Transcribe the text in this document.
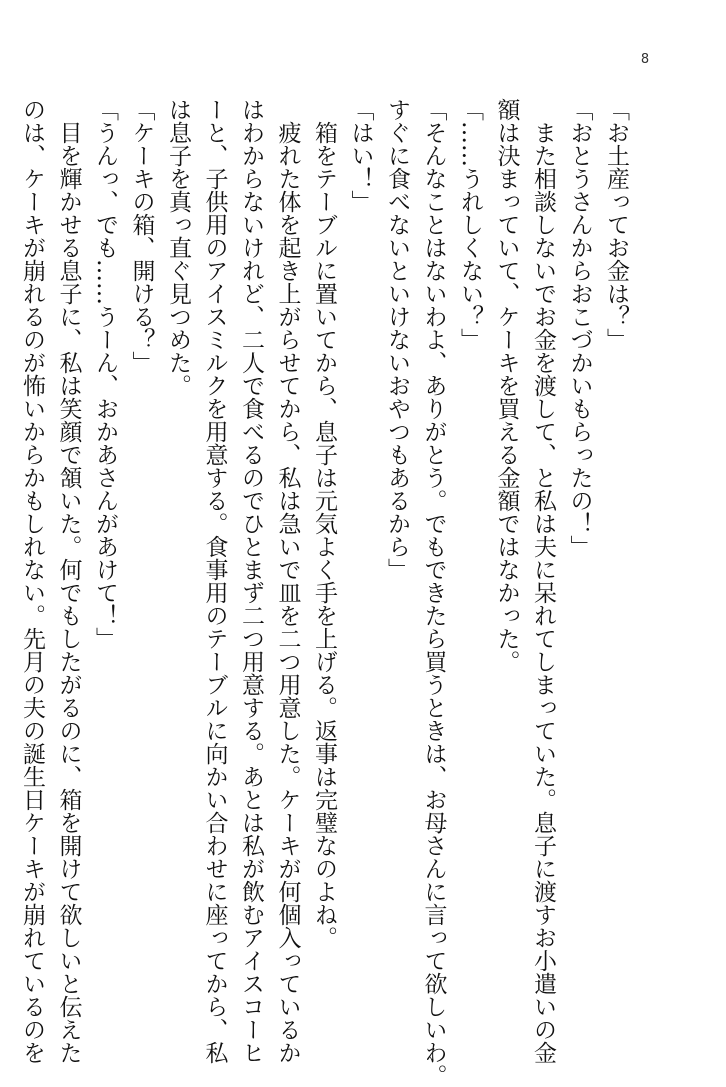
8
「お土産ってお金は？」
「おとうさんからおこづかいもらったの！」
　また相談しないでお金を渡して、と私は夫に呆れてしまっていた。息子に渡すお小遣いの金
額は決まっていて、ケーキを買える金額ではなかった。
「……うれしくない？」
「そんなことはないわよ、ありがとう。でもできたら買うときは、お母さんに言って欲しいわ。
すぐに食べないといけないおやつもあるから」
「はい！」
　箱をテーブルに置いてから、息子は元気よく手を上げる。返事は完璧なのよね。
　疲れた体を起き上がらせてから、私は急いで皿を二つ用意した。ケーキが何個入っているか
はわからないけれど、二人で食べるのでひとまず二つ用意する。あとは私が飲むアイスコーヒ
ーと、子供用のアイスミルクを用意する。食事用のテーブルに向かい合わせに座ってから、私
は息子を真っ直ぐ見つめた。
「ケーキの箱、開ける？」
「うんっ、でも……うーん、おかあさんがあけて！」
　目を輝かせる息子に、私は笑顔で頷いた。何でもしたがるのに、箱を開けて欲しいと伝えた
のは、ケーキが崩れるのが怖いからかもしれない。先月の夫の誕生日ケーキが崩れているのを
